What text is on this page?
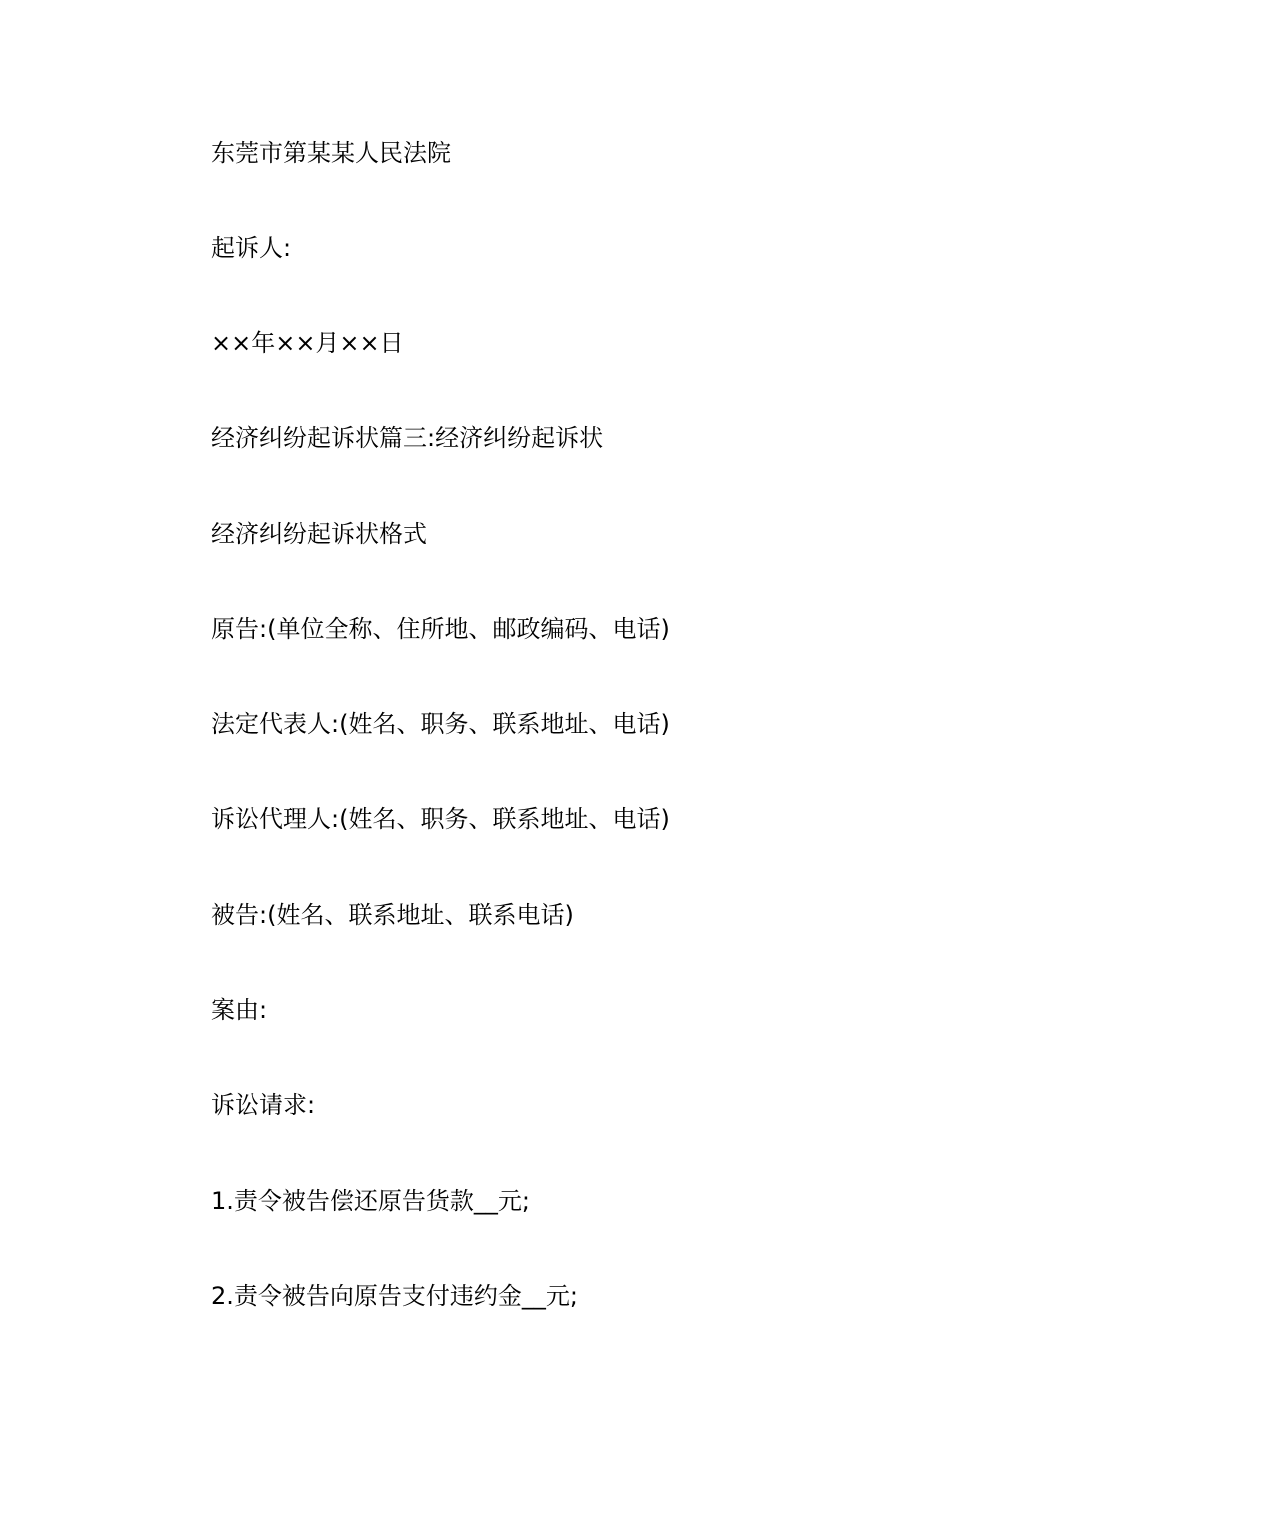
东莞市第某某人民法院
起诉人:
××年××月××日
经济纠纷起诉状篇三:经济纠纷起诉状
经济纠纷起诉状格式
原告:(单位全称、住所地、邮政编码、电话)
法定代表人:(姓名、职务、联系地址、电话)
诉讼代理人:(姓名、职务、联系地址、电话)
被告:(姓名、联系地址、联系电话)
案由:
诉讼请求:
1.责令被告偿还原告货款__元;
2.责令被告向原告支付违约金__元;
